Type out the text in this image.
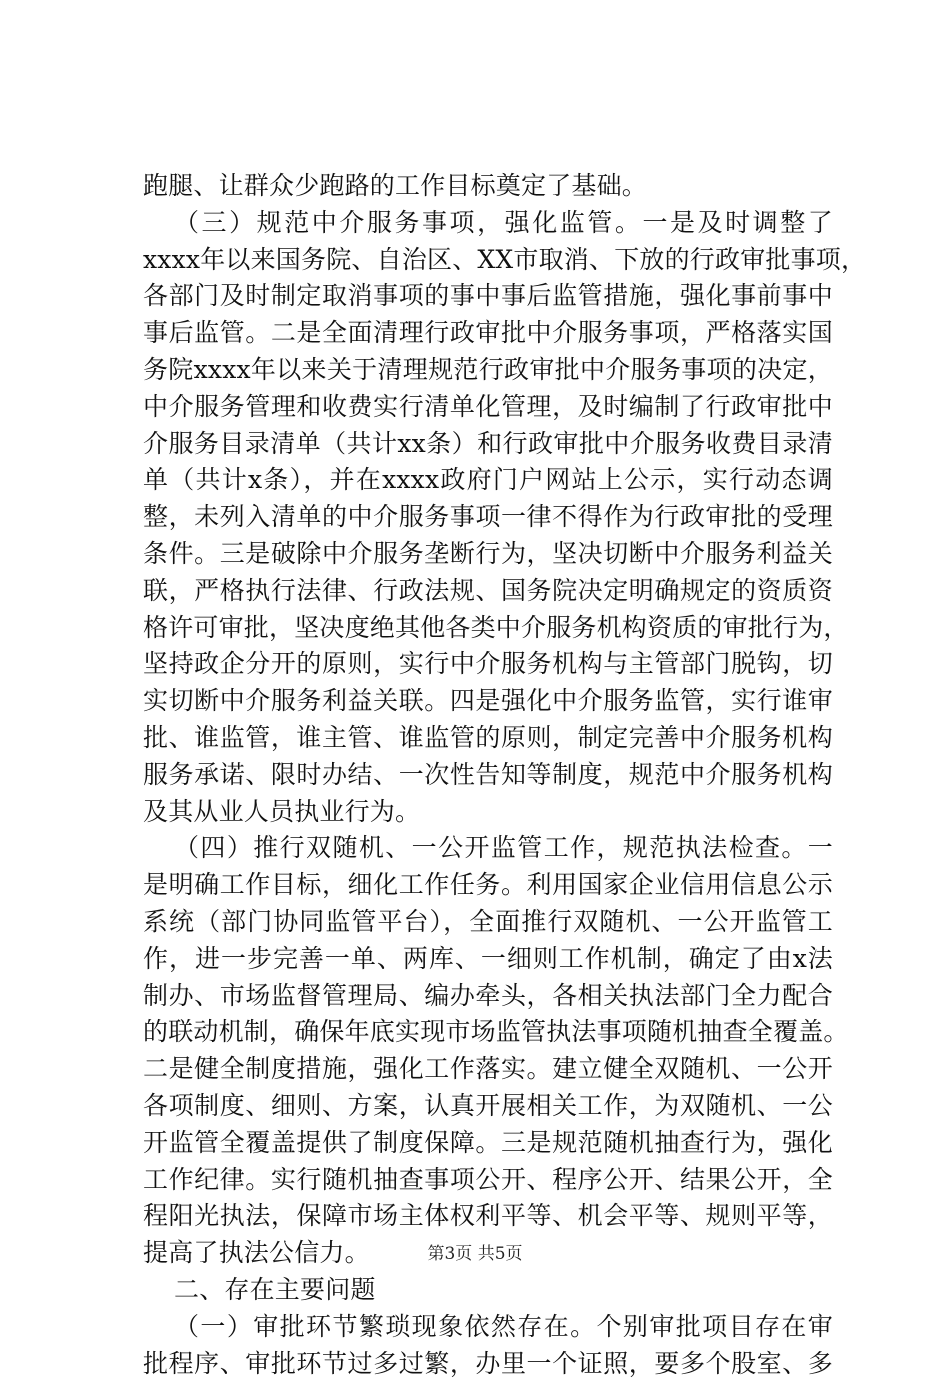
跑腿、让群众少跑路的工作目标奠定了基础。
（三）规范中介服务事项，强化监管。一是及时调整了
xxxx年以来国务院、自治区、XX市取消、下放的行政审批事项，
各部门及时制定取消事项的事中事后监管措施，强化事前事中
事后监管。二是全面清理行政审批中介服务事项，严格落实国
务院xxxx年以来关于清理规范行政审批中介服务事项的决定，
中介服务管理和收费实行清单化管理，及时编制了行政审批中
介服务目录清单（共计xx条）和行政审批中介服务收费目录清
单（共计x条），并在xxxx政府门户网站上公示，实行动态调
整，未列入清单的中介服务事项一律不得作为行政审批的受理
条件。三是破除中介服务垄断行为，坚决切断中介服务利益关
联，严格执行法律、行政法规、国务院决定明确规定的资质资
格许可审批，坚决度绝其他各类中介服务机构资质的审批行为，
坚持政企分开的原则，实行中介服务机构与主管部门脱钩，切
实切断中介服务利益关联。四是强化中介服务监管，实行谁审
批、谁监管，谁主管、谁监管的原则，制定完善中介服务机构
服务承诺、限时办结、一次性告知等制度，规范中介服务机构
及其从业人员执业行为。
（四）推行双随机、一公开监管工作，规范执法检查。一
是明确工作目标，细化工作任务。利用国家企业信用信息公示
系统（部门协同监管平台），全面推行双随机、一公开监管工
作，进一步完善一单、两库、一细则工作机制，确定了由x法
制办、市场监督管理局、编办牵头，各相关执法部门全力配合
的联动机制，确保年底实现市场监管执法事项随机抽查全覆盖。
二是健全制度措施，强化工作落实。建立健全双随机、一公开
各项制度、细则、方案，认真开展相关工作，为双随机、一公
开监管全覆盖提供了制度保障。三是规范随机抽查行为，强化
工作纪律。实行随机抽查事项公开、程序公开、结果公开，全
程阳光执法，保障市场主体权利平等、机会平等、规则平等，
提高了执法公信力。
二、存在主要问题
（一）审批环节繁琐现象依然存在。个别审批项目存在审
批程序、审批环节过多过繁，办里一个证照，要多个股室、多
第3页 共5页
